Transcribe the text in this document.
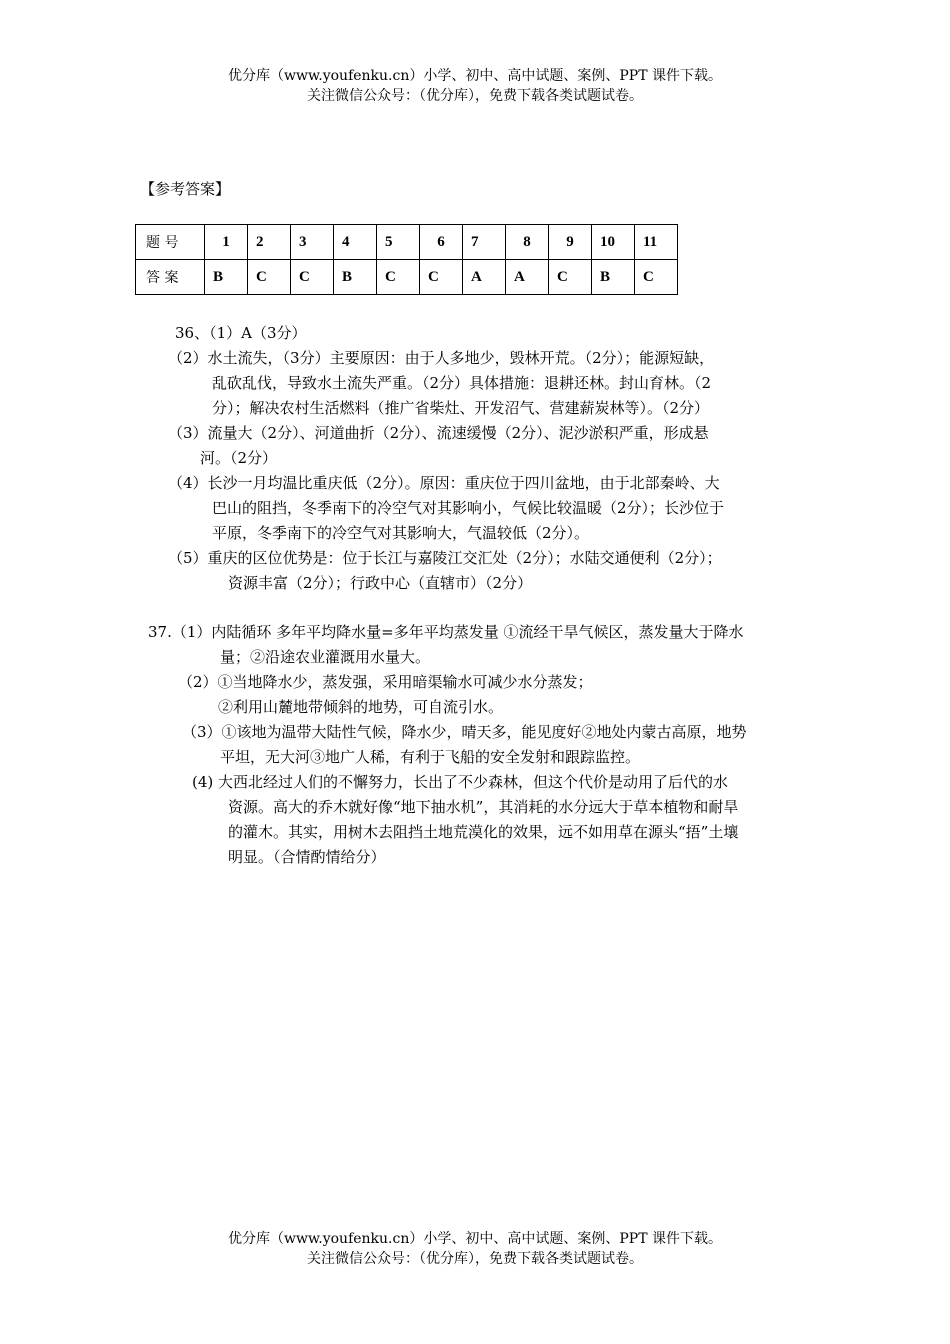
优分库（www.youfenku.cn）小学、初中、高中试题、案例、PPT 课件下载。
关注微信公众号：（优分库），免费下载各类试题试卷。
【参考答案】
题 号	1	2	3	4	5	6	7	8	9	10	11
答 案	B	C	C	B	C	C	A	A	C	B	C
36、（1）A（3分）
（2）水土流失，（3分）主要原因：由于人多地少，毁林开荒。（2分）；能源短缺，
乱砍乱伐，导致水土流失严重。（2分）具体措施：退耕还林。封山育林。（2
分）；解决农村生活燃料（推广省柴灶、开发沼气、营建薪炭林等）。（2分）
（3）流量大（2分）、河道曲折（2分）、流速缓慢（2分）、泥沙淤积严重，形成悬
河。（2分）
（4）长沙一月均温比重庆低（2分）。原因：重庆位于四川盆地，由于北部秦岭、大
巴山的阻挡，冬季南下的冷空气对其影响小，气候比较温暖（2分）；长沙位于
平原，冬季南下的冷空气对其影响大，气温较低（2分）。
（5）重庆的区位优势是：位于长江与嘉陵江交汇处（2分）；水陆交通便利（2分）；
资源丰富（2分）；行政中心（直辖市）（2分）
37.（1）内陆循环 多年平均降水量=多年平均蒸发量 ①流经干旱气候区，蒸发量大于降水
量；②沿途农业灌溉用水量大。
（2）①当地降水少，蒸发强，采用暗渠输水可减少水分蒸发；
②利用山麓地带倾斜的地势，可自流引水。
（3）①该地为温带大陆性气候，降水少，晴天多，能见度好②地处内蒙古高原，地势
平坦，无大河③地广人稀，有利于飞船的安全发射和跟踪监控。
(4) 大西北经过人们的不懈努力，长出了不少森林，但这个代价是动用了后代的水
资源。高大的乔木就好像“地下抽水机”，其消耗的水分远大于草本植物和耐旱
的灌木。其实，用树木去阻挡土地荒漠化的效果，远不如用草在源头“捂”土壤
明显。（合情酌情给分）
优分库（www.youfenku.cn）小学、初中、高中试题、案例、PPT 课件下载。
关注微信公众号：（优分库），免费下载各类试题试卷。
